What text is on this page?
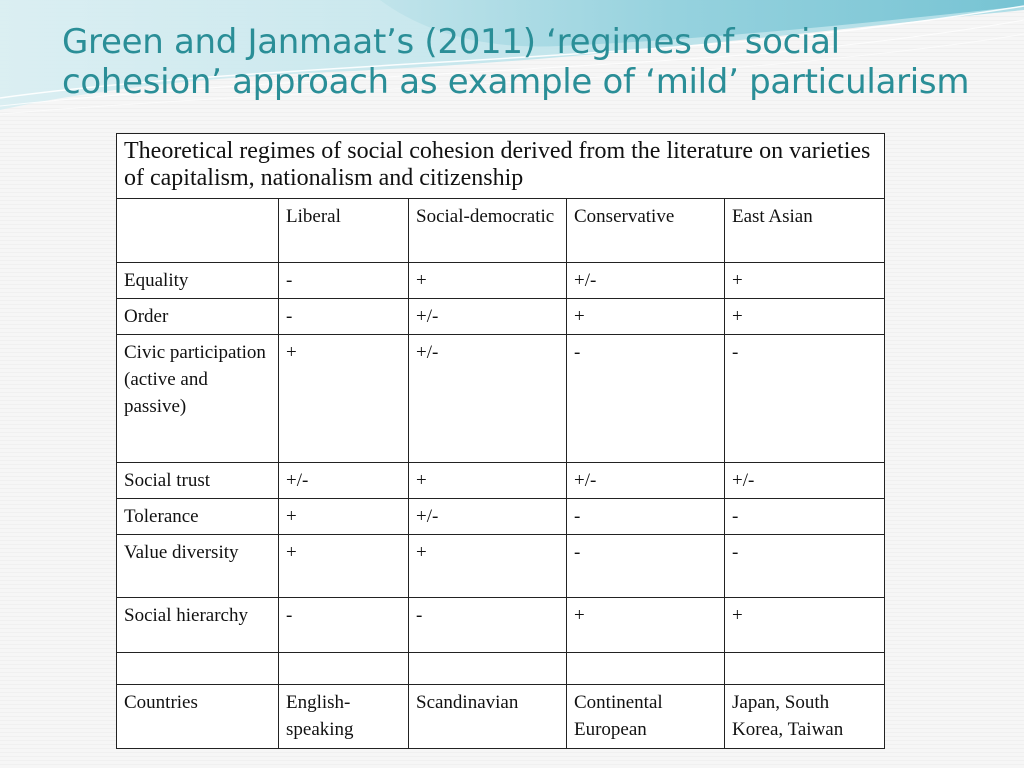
Green and Janmaat’s (2011) ‘regimes of social
cohesion’ approach as example of ‘mild’ particularism
Theoretical regimes of social cohesion derived from the literature on varieties of capitalism, nationalism and citizenship				
	Liberal	Social-democratic	Conservative	East Asian
Equality	-	+	+/-	+
Order	-	+/-	+	+
Civic participation (active and passive)	+	+/-	-	-
Social trust	+/-	+	+/-	+/-
Tolerance	+	+/-	-	-
Value diversity	+	+	-	-
Social hierarchy	-	-	+	+

Countries	English-speaking	Scandinavian	Continental European	Japan, South Korea, Taiwan
